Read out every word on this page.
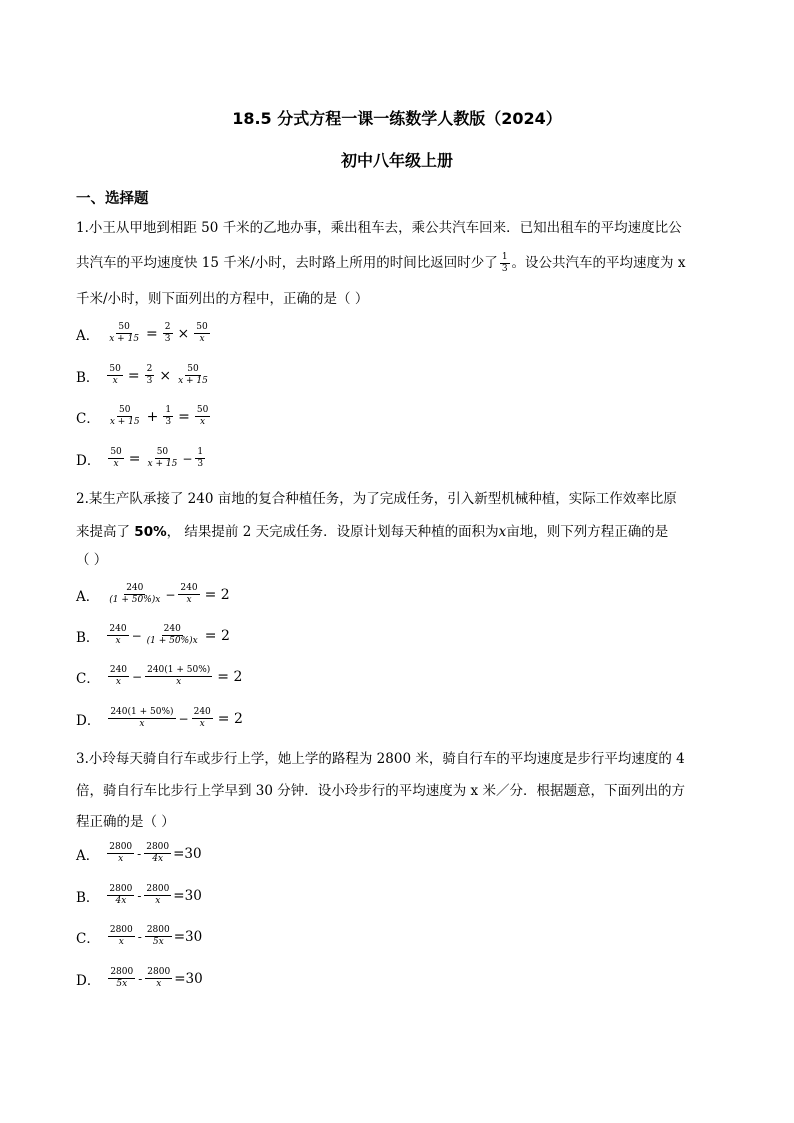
18.5 分式方程一课一练数学人教版（2024）
初中八年级上册
一、选择题
1.小王从甲地到相距 50 千米的乙地办事，乘出租车去，乘公共汽车回来．已知出租车的平均速度比公
共汽车的平均速度快 15 千米/小时，去时路上所用的时间比返回时少了 $\frac{1}{3}$ 。设公共汽车的平均速度为 x
千米/小时，则下面列出的方程中，正确的是（ ）
A． $\frac{50}{x + 15} = \frac{2}{3} \times \frac{50}{x}$
B． $\frac{50}{x} = \frac{2}{3} \times \frac{50}{x + 15}$
C． $\frac{50}{x + 15} + \frac{1}{3} = \frac{50}{x}$
D． $\frac{50}{x} = \frac{50}{x + 15} - \frac{1}{3}$
2.某生产队承接了 240 亩地的复合种植任务，为了完成任务，引入新型机械种植，实际工作效率比原
来提高了 50%， 结果提前 2 天完成任务．设原计划每天种植的面积为x亩地，则下列方程正确的是
（ ）
A． $\frac{240}{(1 + 50\%)x} - \frac{240}{x} = 2$
B． $\frac{240}{x} - \frac{240}{(1 + 50\%)x} = 2$
C． $\frac{240}{x} - \frac{240(1 + 50\%)}{x} = 2$
D． $\frac{240(1 + 50\%)}{x} - \frac{240}{x} = 2$
3.小玲每天骑自行车或步行上学，她上学的路程为 2800 米，骑自行车的平均速度是步行平均速度的 4
倍，骑自行车比步行上学早到 30 分钟．设小玲步行的平均速度为 x 米／分．根据题意，下面列出的方
程正确的是（ ）
A． $\frac{2800}{x} - \frac{2800}{4x} =30$
B． $\frac{2800}{4x} - \frac{2800}{x} =30$
C． $\frac{2800}{x} - \frac{2800}{5x} =30$
D． $\frac{2800}{5x} - \frac{2800}{x} =30$
